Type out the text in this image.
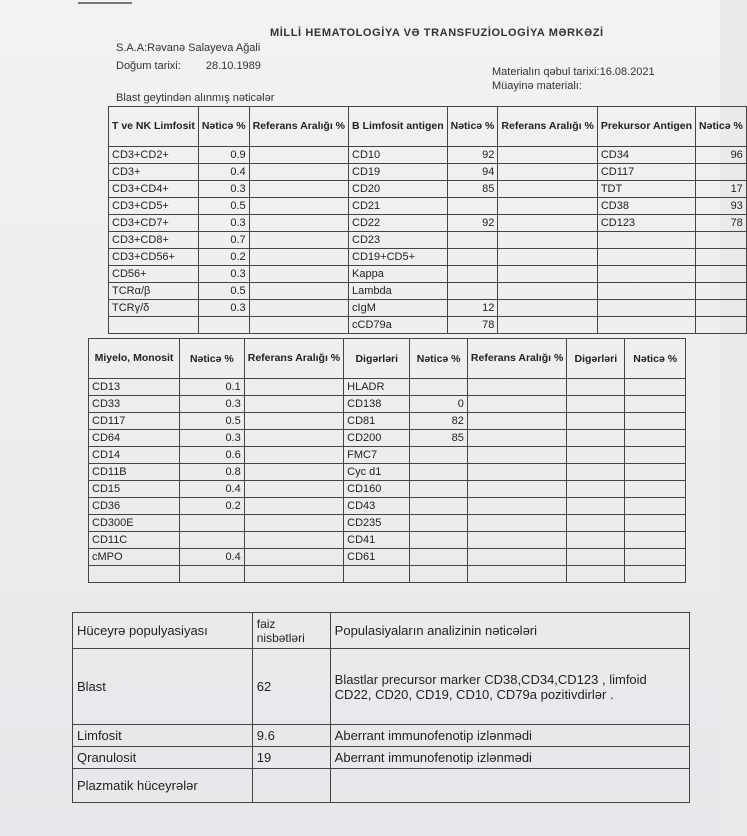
MİLLİ HEMATOLOGİYA VƏ TRANSFUZİOLOGİYA MƏRKƏZİ
S.A.A:Rəvanə Salayeva Ağali
Doğum tarixi: 28.10.1989	Materialın qəbul tarixi:16.08.2021
Müayinə materialı:
Blast geytindən alınmış nəticələr
T ve NK Limfosit	Nəticə %	Referans Aralığı %	B Limfosit antigen	Nəticə %	Referans Aralığı %	Prekursor Antigen	Nəticə %
CD3+CD2+	0.9		CD10	92		CD34	96
CD3+	0.4		CD19	94		CD117	
CD3+CD4+	0.3		CD20	85		TDT	17
CD3+CD5+	0.5		CD21			CD38	93
CD3+CD7+	0.3		CD22	92		CD123	78
CD3+CD8+	0.7		CD23				
CD3+CD56+	0.2		CD19+CD5+				
CD56+	0.3		Kappa				
TCRα/β	0.5		Lambda				
TCRγ/δ	0.3		cIgM	12			
			cCD79a	78			
Miyelo, Monosit	Nəticə %	Referans Aralığı %	Digərləri	Nəticə %	Referans Aralığı %	Digərləri	Nəticə %
CD13	0.1		HLADR				
CD33	0.3		CD138	0			
CD117	0.5		CD81	82			
CD64	0.3		CD200	85			
CD14	0.6		FMC7				
CD11B	0.8		Cyc d1				
CD15	0.4		CD160				
CD36	0.2		CD43				
CD300E			CD235				
CD11C			CD41				
cMPO	0.4		CD61				

Hüceyrə populyasiyası	faiz nisbətləri	Populasiyaların analizinin nəticələri
Blast	62	Blastlar precursor marker CD38,CD34,CD123 , limfoid CD22, CD20, CD19, CD10, CD79a pozitivdirlər .
Limfosit	9.6	Aberrant immunofenotip izlənmədi
Qranulosit	19	Aberrant immunofenotip izlənmədi
Plazmatik hüceyrələr		
